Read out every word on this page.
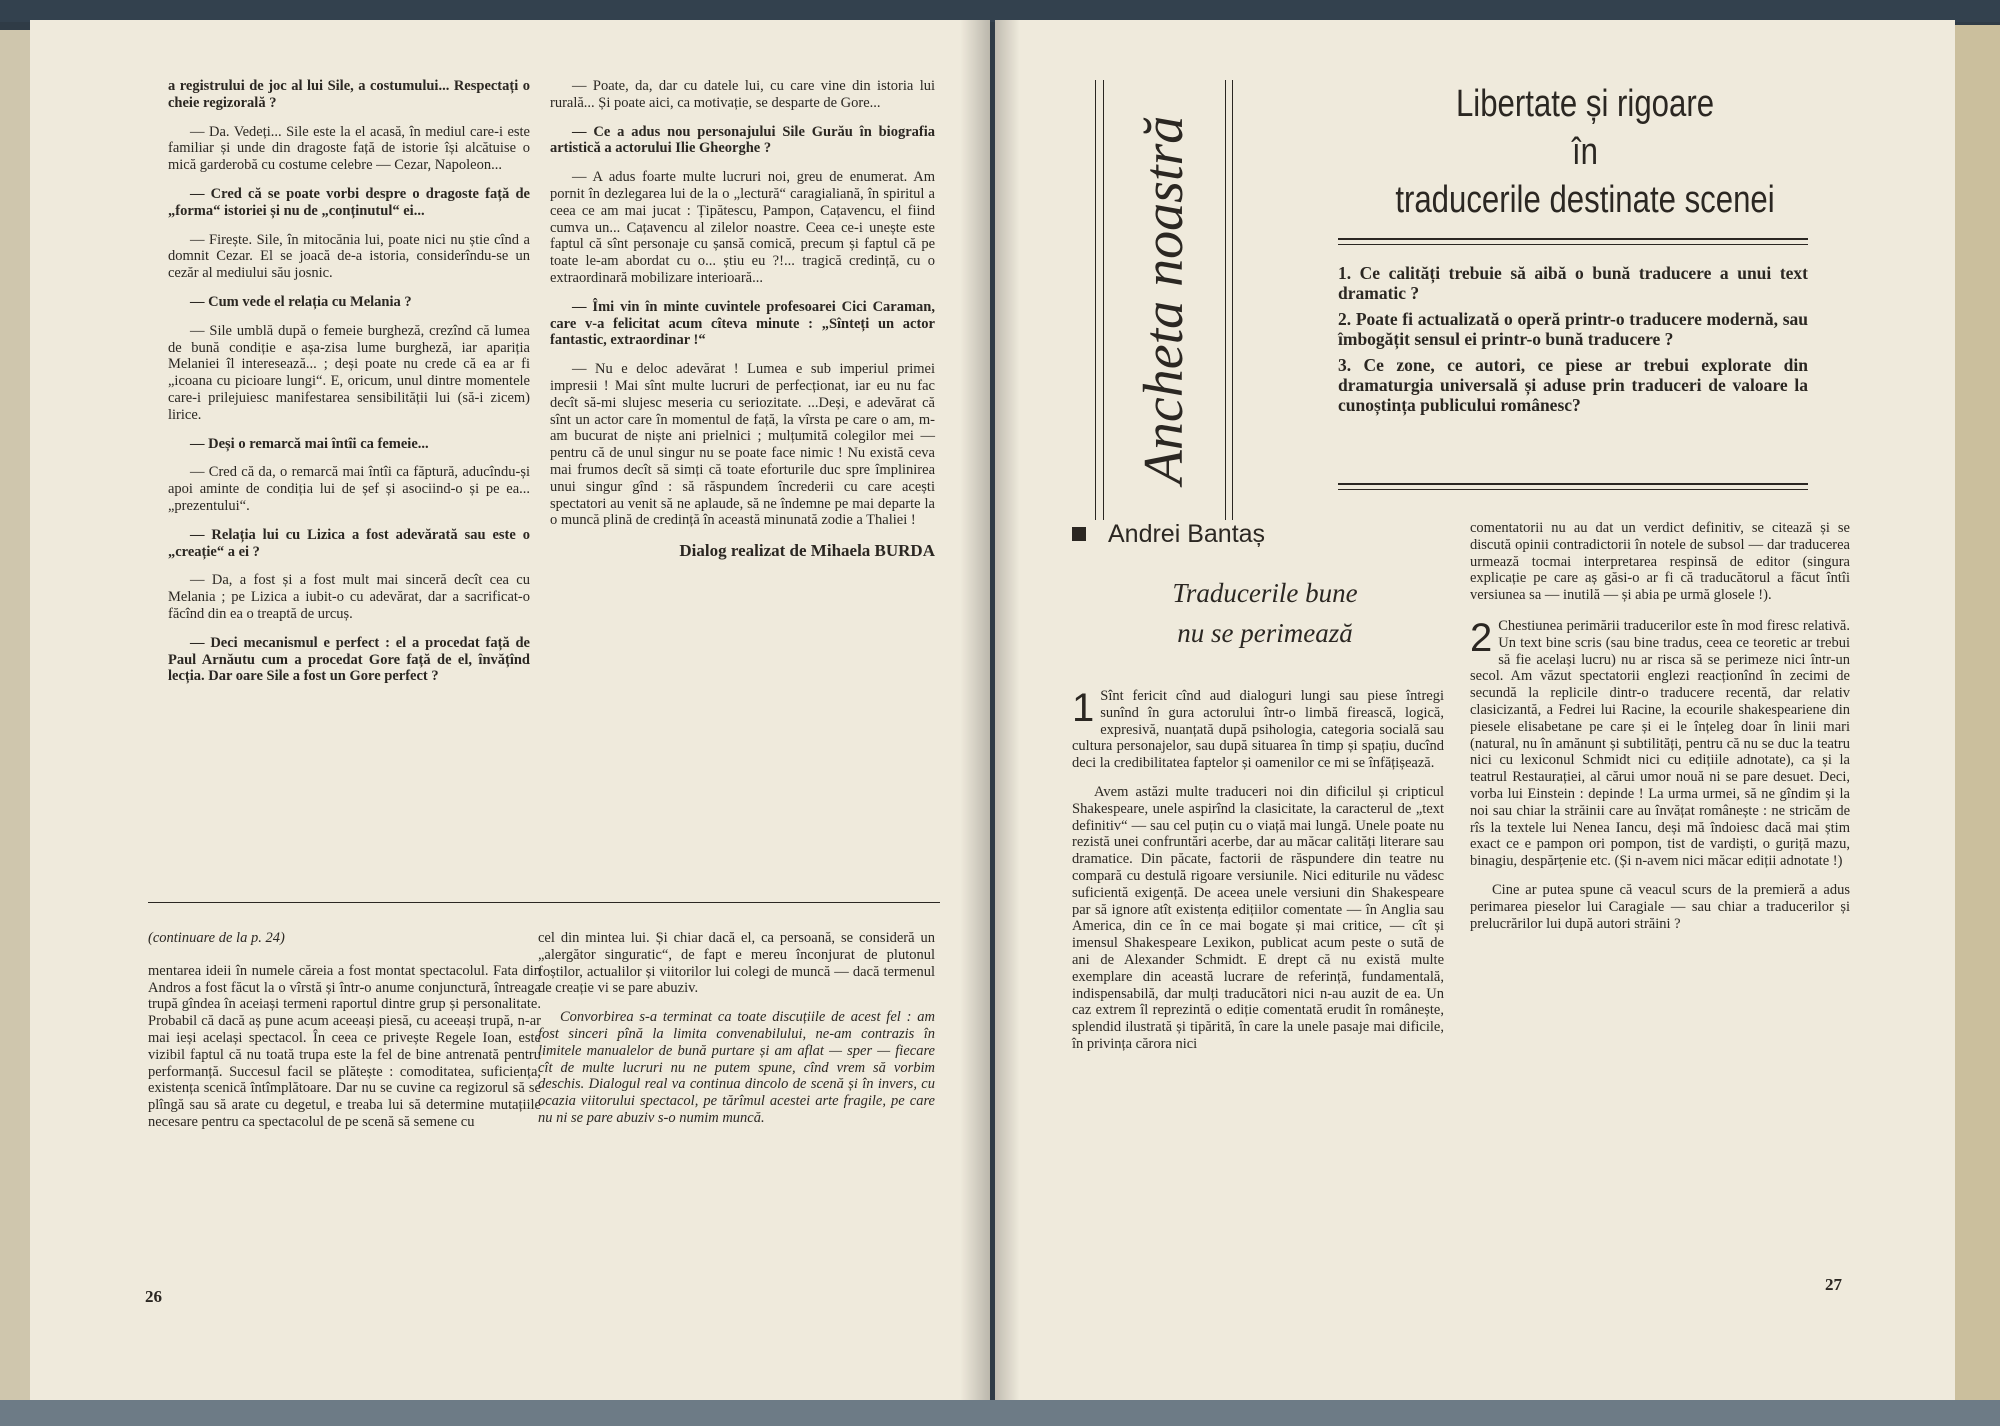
a registrului de joc al lui Sile, a costumului... Respectați o cheie regizorală ?

— Da. Vedeți... Sile este la el acasă, în mediul care-i este familiar și unde din dragoste față de istorie își alcătuise o mică garderobă cu costume celebre — Cezar, Napoleon...

— Cred că se poate vorbi despre o dragoste față de „forma“ istoriei și nu de „conținutul“ ei...

— Firește. Sile, în mitocănia lui, poate nici nu știe cînd a domnit Cezar. El se joacă de-a istoria, considerîndu-se un cezăr al mediului său josnic.

— Cum vede el relația cu Melania ?

— Sile umblă după o femeie burgheză, crezînd că lumea de bună condiție e așa-zisa lume burgheză, iar apariția Melaniei îl interesează... ; deși poate nu crede că ea ar fi „icoana cu picioare lungi“. E, oricum, unul dintre momentele care-i prilejuiesc manifestarea sensibilității lui (să-i zicem) lirice.

— Deși o remarcă mai întîi ca femeie...

— Cred că da, o remarcă mai întîi ca făptură, aducîndu-și apoi aminte de condiția lui de șef și asociind-o și pe ea... „prezentului“.

— Relația lui cu Lizica a fost adevărată sau este o „creație“ a ei ?

— Da, a fost și a fost mult mai sinceră decît cea cu Melania ; pe Lizica a iubit-o cu adevărat, dar a sacrificat-o făcînd din ea o treaptă de urcuș.

— Deci mecanismul e perfect : el a procedat față de Paul Arnăutu cum a procedat Gore față de el, învățînd lecția. Dar oare Sile a fost un Gore perfect ?

— Poate, da, dar cu datele lui, cu care vine din istoria lui rurală... Și poate aici, ca motivație, se desparte de Gore...

— Ce a adus nou personajului Sile Gurău în biografia artistică a actorului Ilie Gheorghe ?

— A adus foarte multe lucruri noi, greu de enumerat. Am pornit în dezlegarea lui de la o „lectură“ caragialiană, în spiritul a ceea ce am mai jucat : Țipătescu, Pampon, Cațavencu, el fiind cumva un... Cațavencu al zilelor noastre. Ceea ce-i unește este faptul că sînt personaje cu șansă comică, precum și faptul că pe toate le-am abordat cu o... știu eu ?!... tragică credință, cu o extraordinară mobilizare interioară...

— Îmi vin în minte cuvintele profesoarei Cici Caraman, care v-a felicitat acum cîteva minute : „Sînteți un actor fantastic, extraordinar !“

— Nu e deloc adevărat ! Lumea e sub imperiul primei impresii ! Mai sînt multe lucruri de perfecționat, iar eu nu fac decît să-mi slujesc meseria cu seriozitate. ...Deși, e adevărat că sînt un actor care în momentul de față, la vîrsta pe care o am, m-am bucurat de niște ani prielnici ; mulțumită colegilor mei — pentru că de unul singur nu se poate face nimic ! Nu există ceva mai frumos decît să simți că toate eforturile duc spre împlinirea unui singur gînd : să răspundem încrederii cu care acești spectatori au venit să ne aplaude, să ne îndemne pe mai departe la o muncă plină de credință în această minunată zodie a Thaliei !

Dialog realizat de Mihaela BURDA

(continuare de la p. 24)

mentarea ideii în numele căreia a fost montat spectacolul. Fata din Andros a fost făcut la o vîrstă și într-o anume conjunctură, întreaga trupă gîndea în aceiași termeni raportul dintre grup și personalitate. Probabil că dacă aș pune acum aceeași piesă, cu aceeași trupă, n-ar mai ieși același spectacol. În ceea ce privește Regele Ioan, este vizibil faptul că nu toată trupa este la fel de bine antrenată pentru performanță. Succesul facil se plătește : comoditatea, suficiența, existența scenică întîmplătoare. Dar nu se cuvine ca regizorul să se plîngă sau să arate cu degetul, e treaba lui să determine mutațiile necesare pentru ca spectacolul de pe scenă să semene cu

cel din mintea lui. Și chiar dacă el, ca persoană, se consideră un „alergător singuratic“, de fapt e mereu înconjurat de plutonul foștilor, actualilor și viitorilor lui colegi de muncă — dacă termenul de creație vi se pare abuziv.

Convorbirea s-a terminat ca toate discuțiile de acest fel : am fost sinceri pînă la limita convenabilului, ne-am contrazis în limitele manualelor de bună purtare și am aflat — sper — fiecare cît de multe lucruri nu ne putem spune, cînd vrem să vorbim deschis. Dialogul real va continua dincolo de scenă și în invers, cu ocazia viitorului spectacol, pe tărîmul acestei arte fragile, pe care nu ni se pare abuziv s-o numim muncă.

26
Ancheta noastră
27
Libertate și rigoare
în
traducerile destinate scenei

1. Ce calități trebuie să aibă o bună traducere a unui text dramatic ?

2. Poate fi actualizată o operă printr-o traducere modernă, sau îmbogățit sensul ei printr-o bună traducere ?

3. Ce zone, ce autori, ce piese ar trebui explorate din dramaturgia universală și aduse prin traduceri de valoare la cunoștința publicului românesc?

Andrei Bantaș
Traducerile bune
nu se perimează

1 Sînt fericit cînd aud dialoguri lungi sau piese întregi sunînd în gura actorului într-o limbă firească, logică, expresivă, nuanțată după psihologia, categoria socială sau cultura personajelor, sau după situarea în timp și spațiu, ducînd deci la credibilitatea faptelor și oamenilor ce mi se înfățișează.

Avem astăzi multe traduceri noi din dificilul și cripticul Shakespeare, unele aspirînd la clasicitate, la caracterul de „text definitiv“ — sau cel puțin cu o viață mai lungă. Unele poate nu rezistă unei confruntări acerbe, dar au măcar calități literare sau dramatice. Din păcate, factorii de răspundere din teatre nu compară cu destulă rigoare versiunile. Nici editurile nu vădesc suficientă exigență. De aceea unele versiuni din Shakespeare par să ignore atît existența edițiilor comentate — în Anglia sau America, din ce în ce mai bogate și mai critice, — cît și imensul Shakespeare Lexikon, publicat acum peste o sută de ani de Alexander Schmidt. E drept că nu există multe exemplare din această lucrare de referință, fundamentală, indispensabilă, dar mulți traducători nici n-au auzit de ea. Un caz extrem îl reprezintă o ediție comentată erudit în românește, splendid ilustrată și tipărită, în care la unele pasaje mai dificile, în privința cărora nici

comentatorii nu au dat un verdict definitiv, se citează și se discută opinii contradictorii în notele de subsol — dar traducerea urmează tocmai interpretarea respinsă de editor (singura explicație pe care aș găsi-o ar fi că traducătorul a făcut întîi versiunea sa — inutilă — și abia pe urmă glosele !).

2 Chestiunea perimării traducerilor este în mod firesc relativă. Un text bine scris (sau bine tradus, ceea ce teoretic ar trebui să fie același lucru) nu ar risca să se perimeze nici într-un secol. Am văzut spectatorii englezi reacționînd în zecimi de secundă la replicile dintr-o traducere recentă, dar relativ clasicizantă, a Fedrei lui Racine, la ecourile shakespeariene din piesele elisabetane pe care și ei le înțeleg doar în linii mari (natural, nu în amănunt și subtilități, pentru că nu se duc la teatru nici cu lexiconul Schmidt nici cu edițiile adnotate), ca și la teatrul Restaurației, al cărui umor nouă ni se pare desuet. Deci, vorba lui Einstein : depinde ! La urma urmei, să ne gîndim și la noi sau chiar la străinii care au învățat românește : ne stricăm de rîs la textele lui Nenea Iancu, deși mă îndoiesc dacă mai știm exact ce e pampon ori pompon, tist de vardiști, o guriță mazu, binagiu, despărțenie etc. (Și n-avem nici măcar ediții adnotate !)

Cine ar putea spune că veacul scurs de la premieră a adus perimarea pieselor lui Caragiale — sau chiar a traducerilor și prelucrărilor lui după autori străini ?
